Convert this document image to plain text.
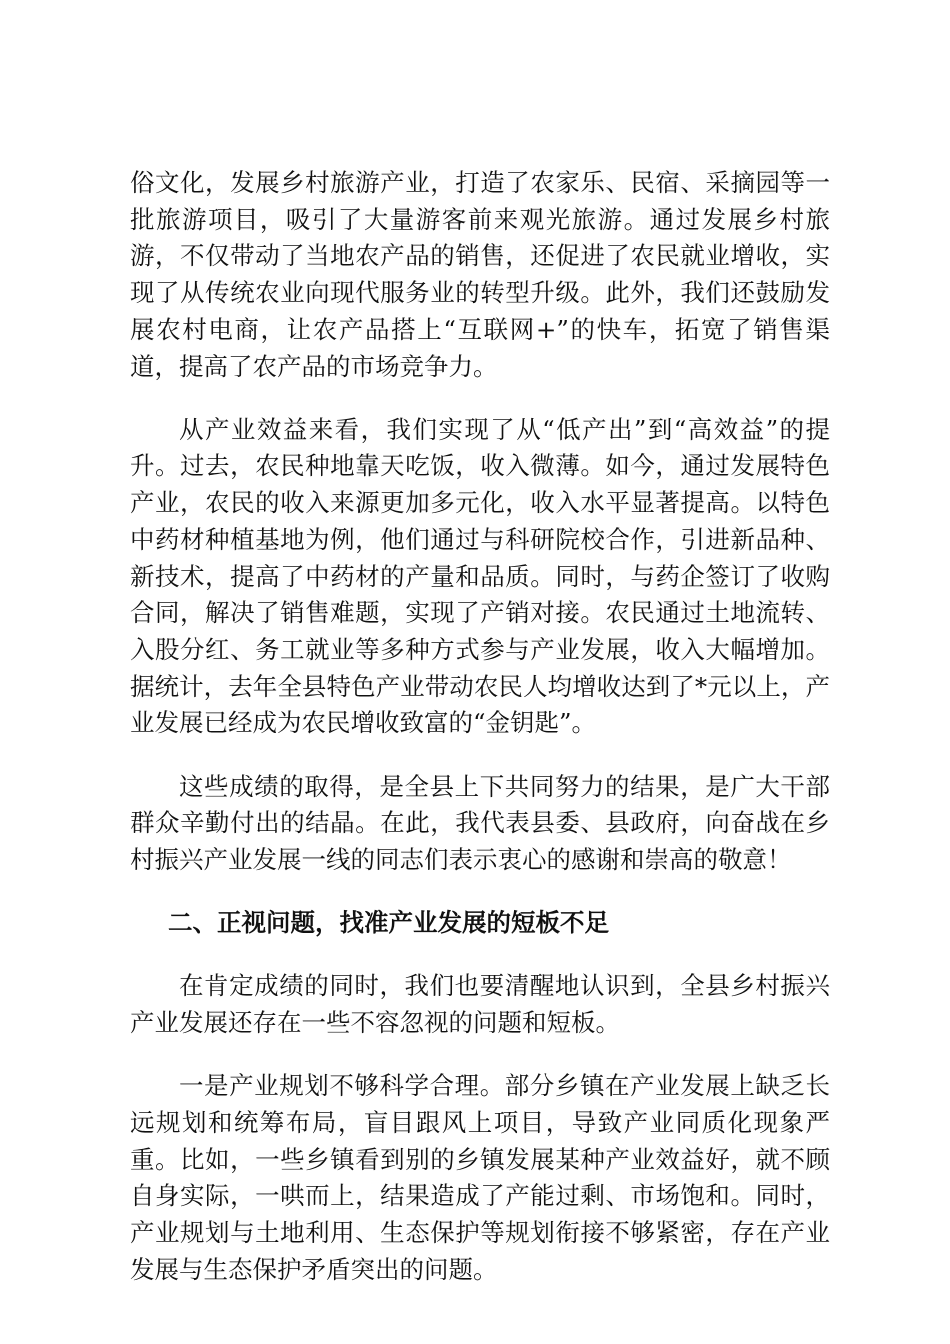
俗文化，发展乡村旅游产业，打造了农家乐、民宿、采摘园等一批旅游项目，吸引了大量游客前来观光旅游。通过发展乡村旅游，不仅带动了当地农产品的销售，还促进了农民就业增收，实现了从传统农业向现代服务业的转型升级。此外，我们还鼓励发展农村电商，让农产品搭上“互联网+”的快车，拓宽了销售渠道，提高了农产品的市场竞争力。

从产业效益来看，我们实现了从“低产出”到“高效益”的提升。过去，农民种地靠天吃饭，收入微薄。如今，通过发展特色产业，农民的收入来源更加多元化，收入水平显著提高。以特色中药材种植基地为例，他们通过与科研院校合作，引进新品种、新技术，提高了中药材的产量和品质。同时，与药企签订了收购合同，解决了销售难题，实现了产销对接。农民通过土地流转、入股分红、务工就业等多种方式参与产业发展，收入大幅增加。据统计，去年全县特色产业带动农民人均增收达到了*元以上，产业发展已经成为农民增收致富的“金钥匙”。

这些成绩的取得，是全县上下共同努力的结果，是广大干部群众辛勤付出的结晶。在此，我代表县委、县政府，向奋战在乡村振兴产业发展一线的同志们表示衷心的感谢和崇高的敬意！

二、正视问题，找准产业发展的短板不足

在肯定成绩的同时，我们也要清醒地认识到，全县乡村振兴产业发展还存在一些不容忽视的问题和短板。

一是产业规划不够科学合理。部分乡镇在产业发展上缺乏长远规划和统筹布局，盲目跟风上项目，导致产业同质化现象严重。比如，一些乡镇看到别的乡镇发展某种产业效益好，就不顾自身实际，一哄而上，结果造成了产能过剩、市场饱和。同时，产业规划与土地利用、生态保护等规划衔接不够紧密，存在产业发展与生态保护矛盾突出的问题。
